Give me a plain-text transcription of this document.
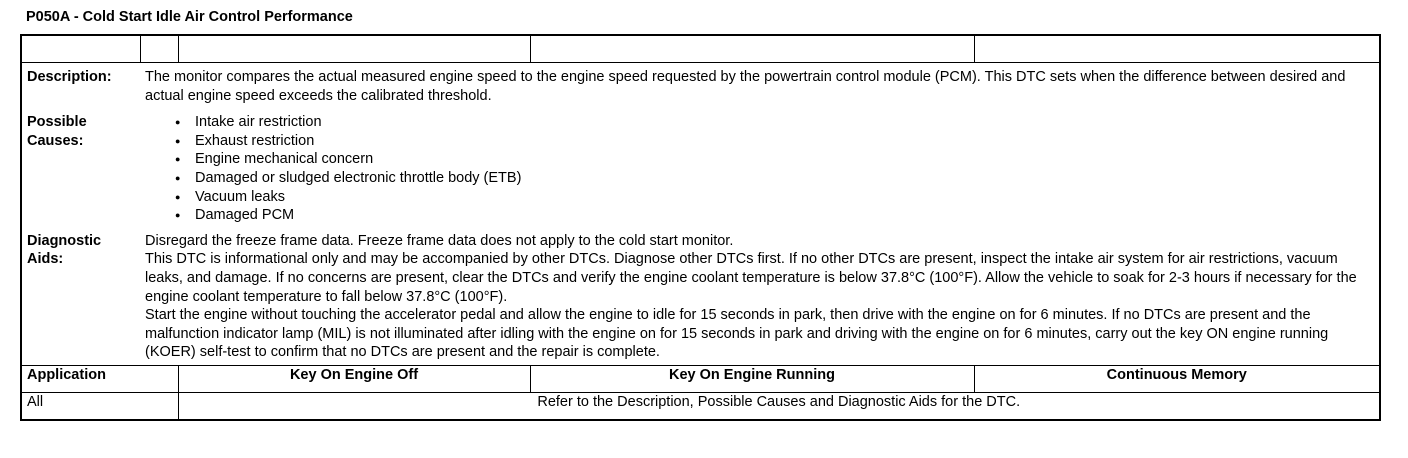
P050A - Cold Start Idle Air Control Performance

Description:	The monitor compares the actual measured engine speed to the engine speed requested by the powertrain control module (PCM). This DTC sets when the difference between desired and actual engine speed exceeds the calibrated threshold.

Possible
Causes:

● Intake air restriction
● Exhaust restriction
● Engine mechanical concern
● Damaged or sludged electronic throttle body (ETB)
● Vacuum leaks
● Damaged PCM

Diagnostic
Aids:

Disregard the freeze frame data. Freeze frame data does not apply to the cold start monitor.
This DTC is informational only and may be accompanied by other DTCs. Diagnose other DTCs first. If no other DTCs are present, inspect the intake air system for air restrictions, vacuum leaks, and damage. If no concerns are present, clear the DTCs and verify the engine coolant temperature is below 37.8°C (100°F). Allow the vehicle to soak for 2-3 hours if necessary for the engine coolant temperature to fall below 37.8°C (100°F).
Start the engine without touching the accelerator pedal and allow the engine to idle for 15 seconds in park, then drive with the engine on for 6 minutes. If no DTCs are present and the malfunction indicator lamp (MIL) is not illuminated after idling with the engine on for 15 seconds in park and driving with the engine on for 6 minutes, carry out the key ON engine running (KOER) self-test to confirm that no DTCs are present and the repair is complete.

Application	Key On Engine Off	Key On Engine Running	Continuous Memory
All	Refer to the Description, Possible Causes and Diagnostic Aids for the DTC.
